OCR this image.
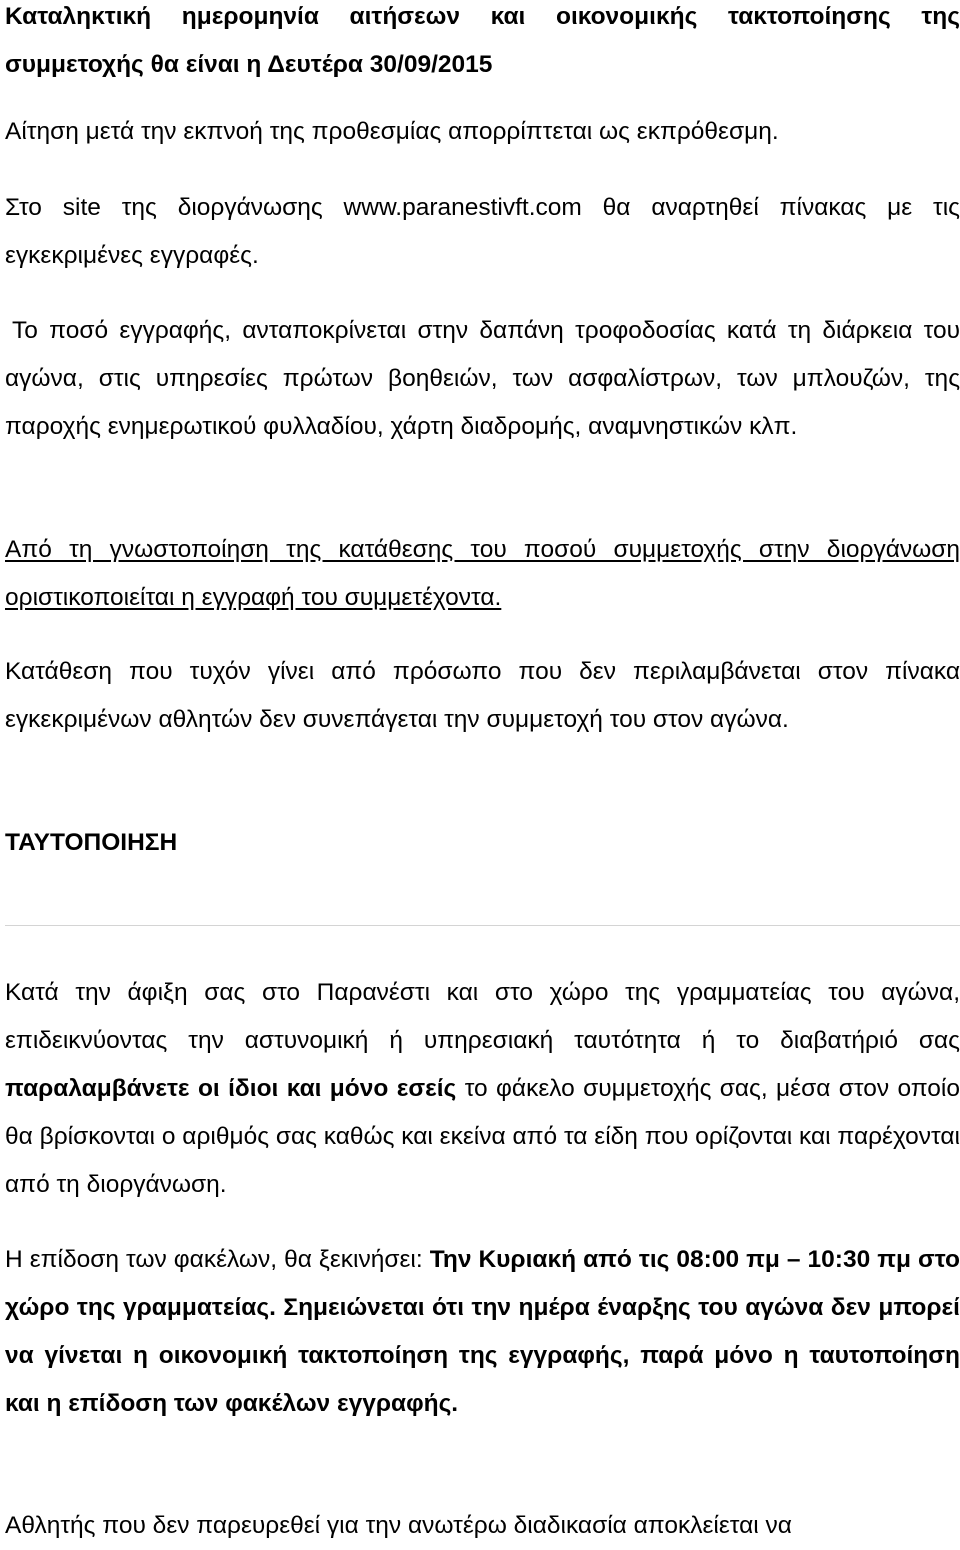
Καταληκτική ημερομηνία αιτήσεων και οικονομικής τακτοποίησης της συμμετοχής θα είναι η Δευτέρα 30/09/2015

Αίτηση μετά την εκπνοή της προθεσμίας απορρίπτεται ως εκπρόθεσμη.

Στο site της διοργάνωσης www.paranestivft.com θα αναρτηθεί πίνακας με τις εγκεκριμένες εγγραφές.

Το ποσό εγγραφής, ανταποκρίνεται στην δαπάνη τροφοδοσίας κατά τη διάρκεια του αγώνα, στις υπηρεσίες πρώτων βοηθειών, των ασφαλίστρων, των μπλουζών, της παροχής ενημερωτικού φυλλαδίου, χάρτη διαδρομής, αναμνηστικών κλπ.

Από τη γνωστοποίηση της κατάθεσης του ποσού συμμετοχής στην διοργάνωση οριστικοποιείται η εγγραφή του συμμετέχοντα.

Κατάθεση που τυχόν γίνει από πρόσωπο που δεν περιλαμβάνεται στον πίνακα εγκεκριμένων αθλητών δεν συνεπάγεται την συμμετοχή του στον αγώνα.

ΤΑΥΤΟΠΟΙΗΣΗ

Κατά την άφιξη σας στο Παρανέστι και στο χώρο της γραμματείας του αγώνα, επιδεικνύοντας την αστυνομική ή υπηρεσιακή ταυτότητα ή το διαβατήριό σας παραλαμβάνετε οι ίδιοι και μόνο εσείς το φάκελο συμμετοχής σας, μέσα στον οποίο θα βρίσκονται ο αριθμός σας καθώς και εκείνα από τα είδη που ορίζονται και παρέχονται από τη διοργάνωση.

Η επίδοση των φακέλων, θα ξεκινήσει: Την Κυριακή από τις 08:00 πμ – 10:30 πμ στο χώρο της γραμματείας. Σημειώνεται ότι την ημέρα έναρξης του αγώνα δεν μπορεί να γίνεται η οικονομική τακτοποίηση της εγγραφής, παρά μόνο η ταυτοποίηση και η επίδοση των φακέλων εγγραφής.

Αθλητής που δεν παρευρεθεί για την ανωτέρω διαδικασία αποκλείεται να
